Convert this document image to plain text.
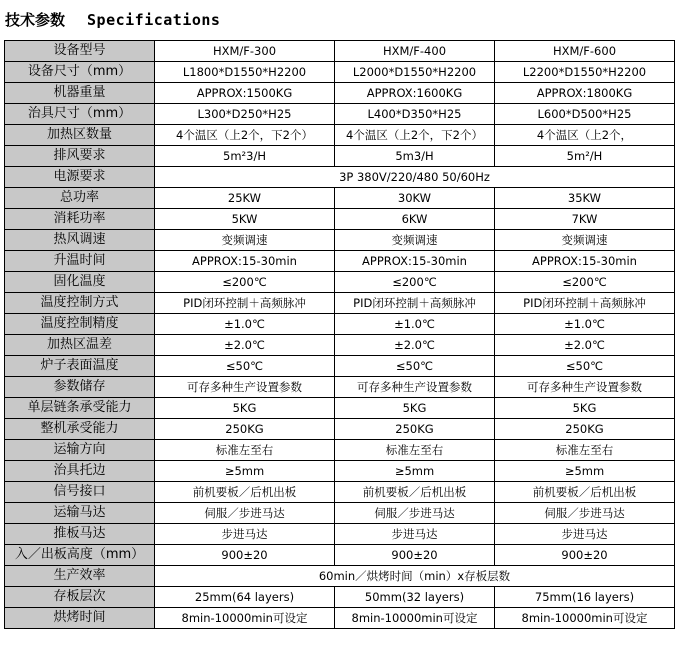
技术参数 Specifications
设备型号	HXM/F-300	HXM/F-400	HXM/F-600
设备尺寸（mm）	L1800*D1550*H2200	L2000*D1550*H2200	L2200*D1550*H2200
机器重量	APPROX:1500KG	APPROX:1600KG	APPROX:1800KG
治具尺寸（mm）	L300*D250*H25	L400*D350*H25	L600*D500*H25
加热区数量	4个温区（上2个，下2个）	4个温区（上2个，下2个）	4个温区（上2个，
排风要求	5m²3/H	5m3/H	5m²/H
电源要求	3P 380V/220/480 50/60Hz		
总功率	25KW	30KW	35KW
消耗功率	5KW	6KW	7KW
热风调速	变频调速	变频调速	变频调速
升温时间	APPROX:15-30min	APPROX:15-30min	APPROX:15-30min
固化温度	≤200℃	≤200℃	≤200℃
温度控制方式	PID闭环控制＋高频脉冲	PID闭环控制＋高频脉冲	PID闭环控制＋高频脉冲
温度控制精度	±1.0℃	±1.0℃	±1.0℃
加热区温差	±2.0℃	±2.0℃	±2.0℃
炉子表面温度	≤50℃	≤50℃	≤50℃
参数储存	可存多种生产设置参数	可存多种生产设置参数	可存多种生产设置参数
单层链条承受能力	5KG	5KG	5KG
整机承受能力	250KG	250KG	250KG
运输方向	标准左至右	标准左至右	标准左至右
治具托边	≥5mm	≥5mm	≥5mm
信号接口	前机要板／后机出板	前机要板／后机出板	前机要板／后机出板
运输马达	伺服／步进马达	伺服／步进马达	伺服／步进马达
推板马达	步进马达	步进马达	步进马达
入／出板高度（mm）	900±20	900±20	900±20
生产效率	60min／烘烤时间（min）x存板层数		
存板层次	25mm(64 layers)	50mm(32 layers)	75mm(16 layers)
烘烤时间	8min-10000min可设定	8min-10000min可设定	8min-10000min可设定
